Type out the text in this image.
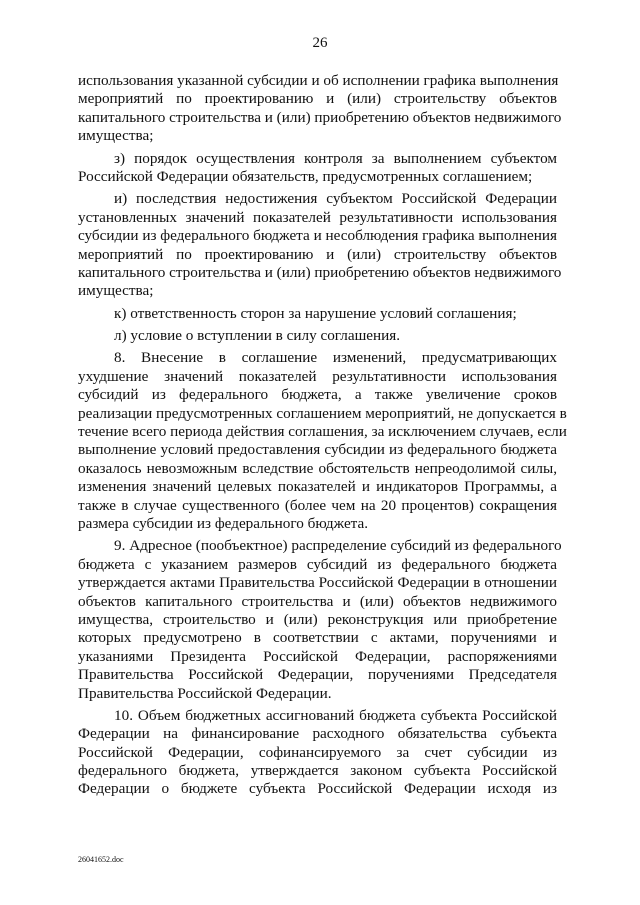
26
использования указанной субсидии и об исполнении графика выполнения
мероприятий по проектированию и (или) строительству объектов
капитального строительства и (или) приобретению объектов недвижимого
имущества;
з) порядок осуществления контроля за выполнением субъектом
Российской Федерации обязательств, предусмотренных соглашением;
и) последствия недостижения субъектом Российской Федерации
установленных значений показателей результативности использования
субсидии из федерального бюджета и несоблюдения графика выполнения
мероприятий по проектированию и (или) строительству объектов
капитального строительства и (или) приобретению объектов недвижимого
имущества;
к) ответственность сторон за нарушение условий соглашения;
л) условие о вступлении в силу соглашения.
8. Внесение в соглашение изменений, предусматривающих
ухудшение значений показателей результативности использования
субсидий из федерального бюджета, а также увеличение сроков
реализации предусмотренных соглашением мероприятий, не допускается в
течение всего периода действия соглашения, за исключением случаев, если
выполнение условий предоставления субсидии из федерального бюджета
оказалось невозможным вследствие обстоятельств непреодолимой силы,
изменения значений целевых показателей и индикаторов Программы, а
также в случае существенного (более чем на 20 процентов) сокращения
размера субсидии из федерального бюджета.
9. Адресное (пообъектное) распределение субсидий из федерального
бюджета с указанием размеров субсидий из федерального бюджета
утверждается актами Правительства Российской Федерации в отношении
объектов капитального строительства и (или) объектов недвижимого
имущества, строительство и (или) реконструкция или приобретение
которых предусмотрено в соответствии с актами, поручениями и
указаниями Президента Российской Федерации, распоряжениями
Правительства Российской Федерации, поручениями Председателя
Правительства Российской Федерации.
10. Объем бюджетных ассигнований бюджета субъекта Российской
Федерации на финансирование расходного обязательства субъекта
Российской Федерации, софинансируемого за счет субсидии из
федерального бюджета, утверждается законом субъекта Российской
Федерации о бюджете субъекта Российской Федерации исходя из
26041652.doc
